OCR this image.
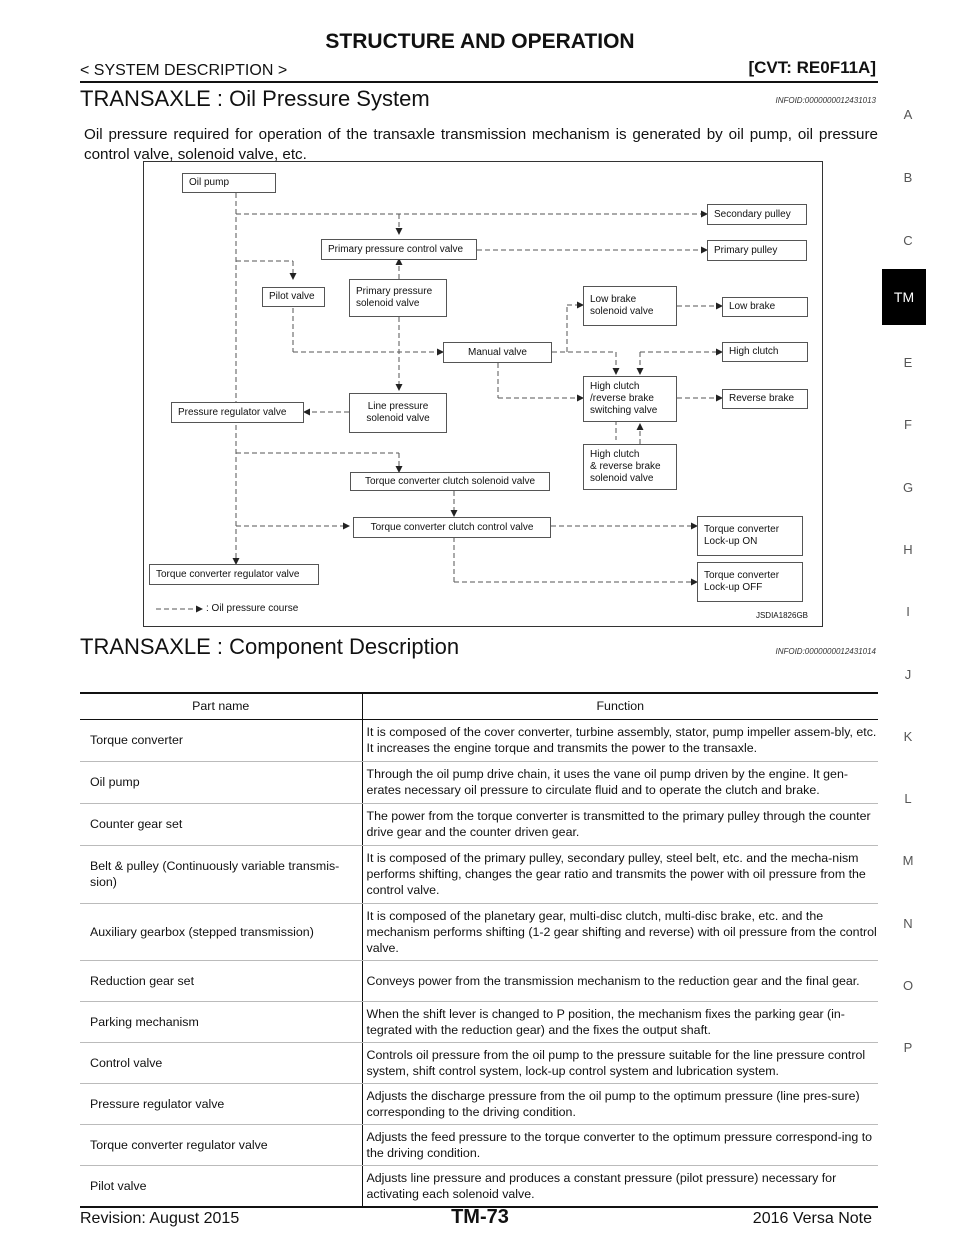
STRUCTURE AND OPERATION
< SYSTEM DESCRIPTION >	[CVT: RE0F11A]
TRANSAXLE : Oil Pressure System	INFOID:0000000012431013
Oil pressure required for operation of the transaxle transmission mechanism is generated by oil pump, oil pressure control valve, solenoid valve, etc.
Oil pump
Secondary pulley
Primary pressure control valve	Primary pulley
Pilot valve	Primary pressure
solenoid valve	Low brake
solenoid valve	Low brake
Manual valve	High clutch
High clutch
/reverse brake
switching valve
Reverse brake
Pressure regulator valve	Line pressure
solenoid valve
High clutch
& reverse brake
solenoid valve
Torque converter clutch solenoid valve
Torque converter clutch control valve	Torque converter
Lock-up ON
Torque converter regulator valve	Torque converter
Lock-up OFF
: Oil pressure course
JSDIA1826GB
TRANSAXLE : Component Description	INFOID:0000000012431014
Part name	Function
Torque converter	It is composed of the cover converter, turbine assembly, stator, pump impeller assem-bly, etc. It increases the engine torque and transmits the power to the transaxle.
Oil pump	Through the oil pump drive chain, it uses the vane oil pump driven by the engine. It gen-erates necessary oil pressure to circulate fluid and to operate the clutch and brake.
Counter gear set	The power from the torque converter is transmitted to the primary pulley through the counter drive gear and the counter driven gear.
Belt & pulley (Continuously variable transmis-sion)	It is composed of the primary pulley, secondary pulley, steel belt, etc. and the mecha-nism performs shifting, changes the gear ratio and transmits the power with oil pressure from the control valve.
Auxiliary gearbox (stepped transmission)	It is composed of the planetary gear, multi-disc clutch, multi-disc brake, etc. and the mechanism performs shifting (1-2 gear shifting and reverse) with oil pressure from the control valve.
Reduction gear set	Conveys power from the transmission mechanism to the reduction gear and the final gear.
Parking mechanism	When the shift lever is changed to P position, the mechanism fixes the parking gear (in-tegrated with the reduction gear) and the fixes the output shaft.
Control valve	Controls oil pressure from the oil pump to the pressure suitable for the line pressure control system, shift control system, lock-up control system and lubrication system.
Pressure regulator valve	Adjusts the discharge pressure from the oil pump to the optimum pressure (line pres-sure) corresponding to the driving condition.
Torque converter regulator valve	Adjusts the feed pressure to the torque converter to the optimum pressure correspond-ing to the driving condition.
Pilot valve	Adjusts line pressure and produces a constant pressure (pilot pressure) necessary for activating each solenoid valve.
A
B
C
TM
E
F
G
H
I
J
K
L
M
N
O
P
Revision: August 2015	TM-73	2016 Versa Note
